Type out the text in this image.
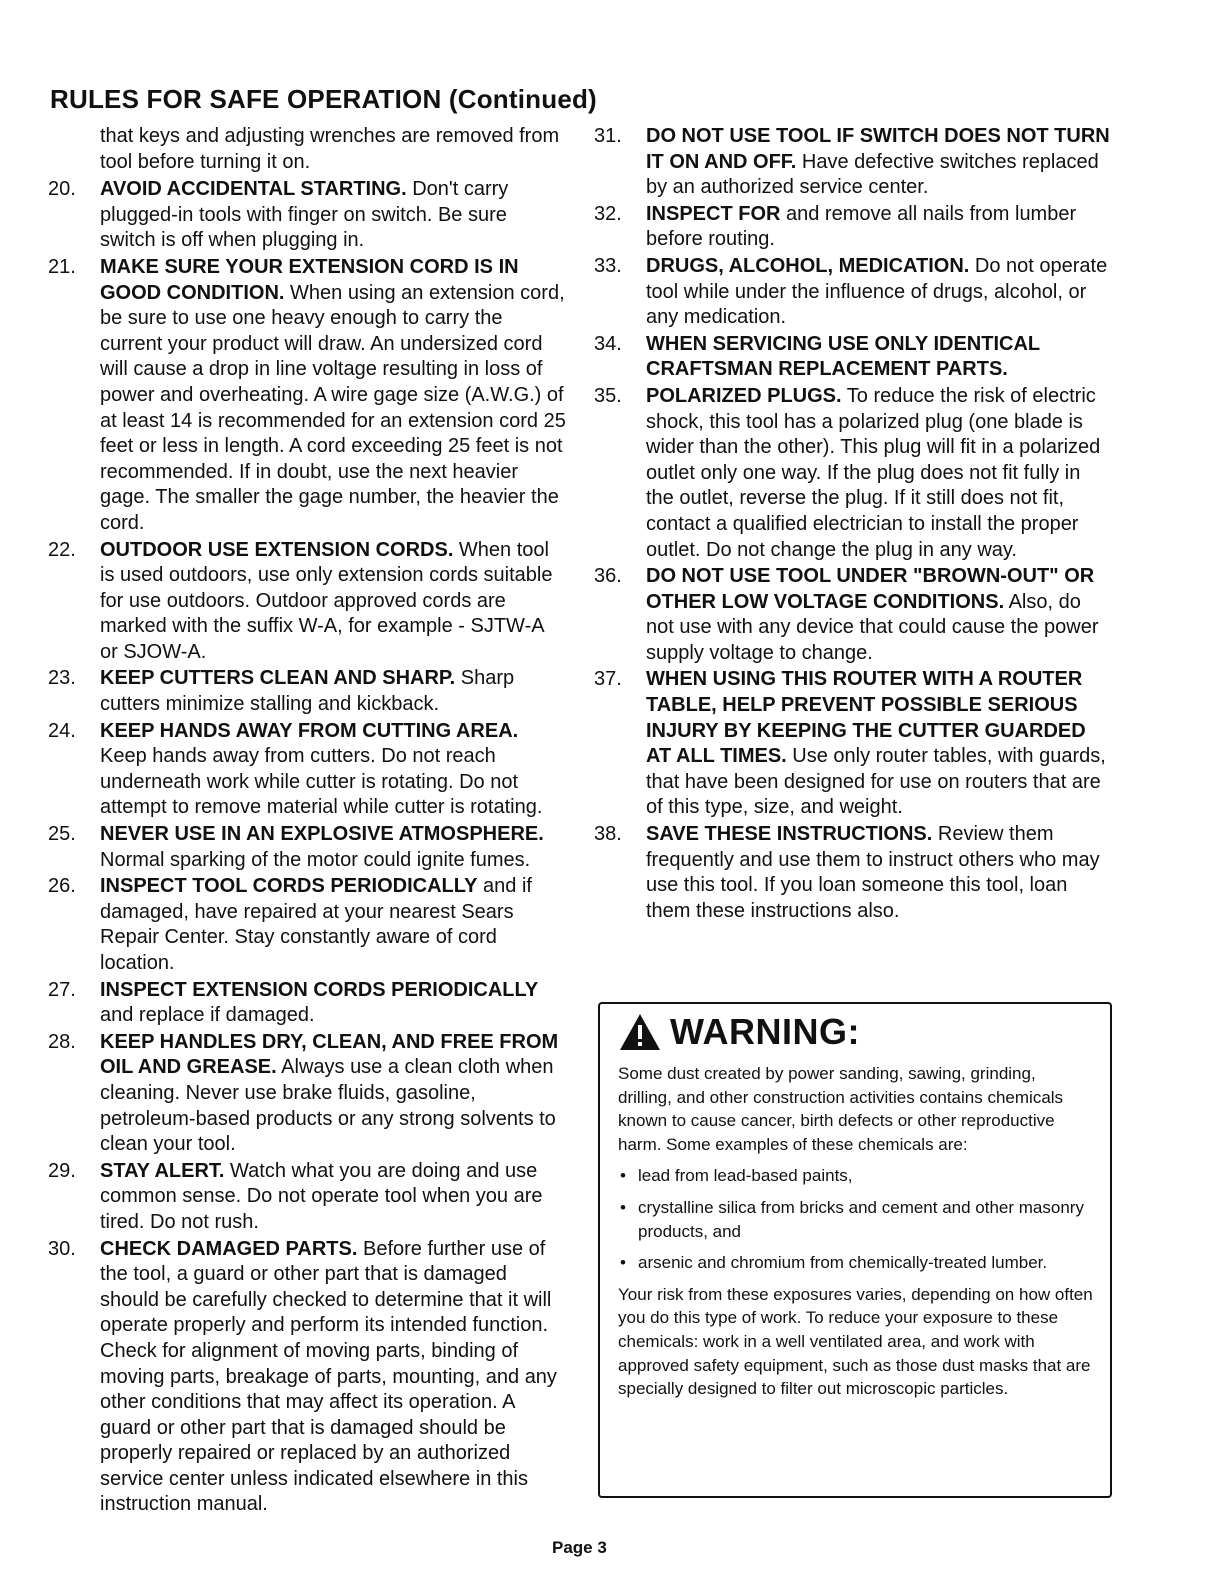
RULES FOR SAFE OPERATION (Continued)
that keys and adjusting wrenches are removed from tool before turning it on.
20. AVOID ACCIDENTAL STARTING. Don't carry plugged-in tools with finger on switch. Be sure switch is off when plugging in.
21. MAKE SURE YOUR EXTENSION CORD IS IN GOOD CONDITION. When using an extension cord, be sure to use one heavy enough to carry the current your product will draw. An undersized cord will cause a drop in line voltage resulting in loss of power and overheating. A wire gage size (A.W.G.) of at least 14 is recommended for an extension cord 25 feet or less in length. A cord exceeding 25 feet is not recommended. If in doubt, use the next heavier gage. The smaller the gage number, the heavier the cord.
22. OUTDOOR USE EXTENSION CORDS. When tool is used outdoors, use only extension cords suitable for use outdoors. Outdoor approved cords are marked with the suffix W-A, for example - SJTW-A or SJOW-A.
23. KEEP CUTTERS CLEAN AND SHARP. Sharp cutters minimize stalling and kickback.
24. KEEP HANDS AWAY FROM CUTTING AREA. Keep hands away from cutters. Do not reach underneath work while cutter is rotating. Do not attempt to remove material while cutter is rotating.
25. NEVER USE IN AN EXPLOSIVE ATMOSPHERE. Normal sparking of the motor could ignite fumes.
26. INSPECT TOOL CORDS PERIODICALLY and if damaged, have repaired at your nearest Sears Repair Center. Stay constantly aware of cord location.
27. INSPECT EXTENSION CORDS PERIODICALLY and replace if damaged.
28. KEEP HANDLES DRY, CLEAN, AND FREE FROM OIL AND GREASE. Always use a clean cloth when cleaning. Never use brake fluids, gasoline, petroleum-based products or any strong solvents to clean your tool.
29. STAY ALERT. Watch what you are doing and use common sense. Do not operate tool when you are tired. Do not rush.
30. CHECK DAMAGED PARTS. Before further use of the tool, a guard or other part that is damaged should be carefully checked to determine that it will operate properly and perform its intended function. Check for alignment of moving parts, binding of moving parts, breakage of parts, mounting, and any other conditions that may affect its operation. A guard or other part that is damaged should be properly repaired or replaced by an authorized service center unless indicated elsewhere in this instruction manual.
31. DO NOT USE TOOL IF SWITCH DOES NOT TURN IT ON AND OFF. Have defective switches replaced by an authorized service center.
32. INSPECT FOR and remove all nails from lumber before routing.
33. DRUGS, ALCOHOL, MEDICATION. Do not operate tool while under the influence of drugs, alcohol, or any medication.
34. WHEN SERVICING USE ONLY IDENTICAL CRAFTSMAN REPLACEMENT PARTS.
35. POLARIZED PLUGS. To reduce the risk of electric shock, this tool has a polarized plug (one blade is wider than the other). This plug will fit in a polarized outlet only one way. If the plug does not fit fully in the outlet, reverse the plug. If it still does not fit, contact a qualified electrician to install the proper outlet. Do not change the plug in any way.
36. DO NOT USE TOOL UNDER "BROWN-OUT" OR OTHER LOW VOLTAGE CONDITIONS. Also, do not use with any device that could cause the power supply voltage to change.
37. WHEN USING THIS ROUTER WITH A ROUTER TABLE, HELP PREVENT POSSIBLE SERIOUS INJURY BY KEEPING THE CUTTER GUARDED AT ALL TIMES. Use only router tables, with guards, that have been designed for use on routers that are of this type, size, and weight.
38. SAVE THESE INSTRUCTIONS. Review them frequently and use them to instruct others who may use this tool. If you loan someone this tool, loan them these instructions also.
WARNING:

Some dust created by power sanding, sawing, grinding, drilling, and other construction activities contains chemicals known to cause cancer, birth defects or other reproductive harm. Some examples of these chemicals are:

• lead from lead-based paints,
• crystalline silica from bricks and cement and other masonry products, and
• arsenic and chromium from chemically-treated lumber.

Your risk from these exposures varies, depending on how often you do this type of work. To reduce your exposure to these chemicals: work in a well ventilated area, and work with approved safety equipment, such as those dust masks that are specially designed to filter out microscopic particles.

Page 3
